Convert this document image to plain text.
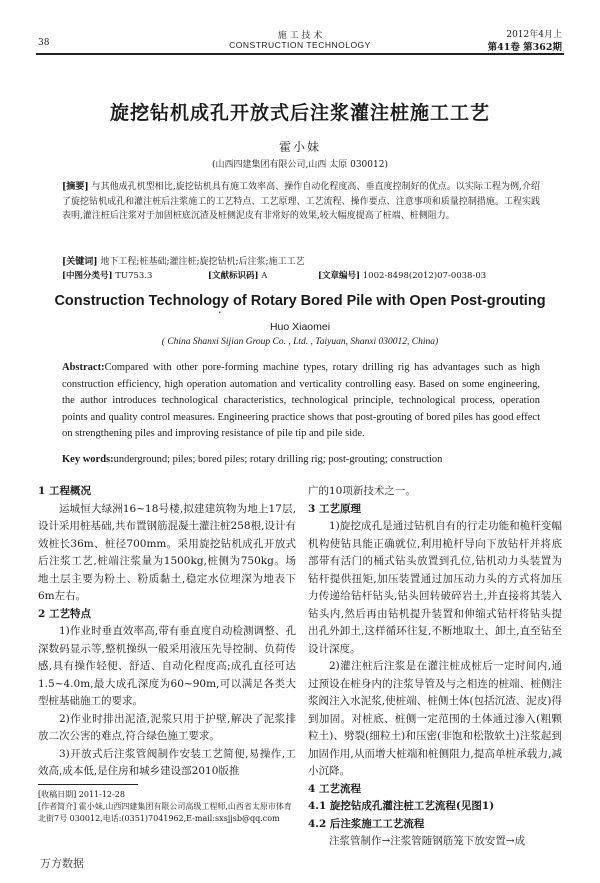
38
施 工 技 术
CONSTRUCTION TECHNOLOGY
2012年4月上
第41卷 第362期
旋挖钻机成孔开放式后注浆灌注桩施工工艺
霍小妹
(山西四建集团有限公司,山西 太原 030012)
[摘要] 与其他成孔机型相比,旋挖钻机具有施工效率高、操作自动化程度高、垂直度控制好的优点。以实际工程为例,介绍了旋挖钻机成孔和灌注桩后注浆施工的工艺特点、工艺原理、工艺流程、操作要点、注意事项和质量控制措施。工程实践表明,灌注桩后注浆对于加固桩底沉渣及桩侧泥皮有非常好的效果,较大幅度提高了桩端、桩侧阻力。
[关键词] 地下工程;桩基础;灌注桩;旋挖钻机;后注浆;施工工艺
[中图分类号] TU753.3	[文献标识码] A	[文章编号] 1002-8498(2012)07-0038-03
Construction Technology of Rotary Bored Pile with Open Post-grouting
·
Huo Xiaomei
( China Shanxi Sijian Group Co. , Ltd. , Taiyuan, Shanxi 030012, China)
Abstract:Compared with other pore-forming machine types, rotary drilling rig has advantages such as high construction efficiency, high operation automation and verticality controlling easy. Based on some engineering, the author introduces technological characteristics, technological principle, technological process, operation points and quality control measures. Engineering practice shows that post-grouting of bored piles has good effect on strengthening piles and improving resistance of pile tip and pile side.
Key words:underground; piles; bored piles; rotary drilling rig; post-grouting; construction

1 工程概况

运城恒大绿洲16~18号楼,拟建建筑物为地上17层,设计采用桩基础,共布置钢筋混凝土灌注桩258根,设计有效桩长36m、桩径700mm。采用旋挖钻机成孔开放式后注浆工艺,桩端注浆量为1500kg,桩侧为750kg。场地土层主要为粉土、粉质黏土,稳定水位埋深为地表下6m左右。

2 工艺特点

1)作业时垂直效率高,带有垂直度自动检测调整、孔深数码显示等,整机操纵一般采用液压先导控制、负荷传感,具有操作轻便、舒适、自动化程度高;成孔直径可达1.5~4.0m,最大成孔深度为60~90m,可以满足各类大型桩基础施工的要求。

2)作业时排出泥渣,泥浆只用于护壁,解决了泥浆排放二次公害的难点,符合绿色施工要求。

3)开放式后注浆管阀制作安装工艺简便,易操作,工效高,成本低,是住房和城乡建设部2010版推

广的10项新技术之一。

3 工艺原理

1)旋挖成孔是通过钻机自有的行走功能和桅杆变幅机构使钻具能正确就位,利用桅杆导向下放钻杆并将底部带有活门的桶式钻头放置到孔位,钻机动力头装置为钻杆提供扭矩,加压装置通过加压动力头的方式将加压力传递给钻杆钻头,钻头回转破碎岩土,并直接将其装入钻头内,然后再由钻机提升装置和伸缩式钻杆将钻头提出孔外卸土,这样循环往复,不断地取土、卸土,直至钻至设计深度。

2)灌注桩后注浆是在灌注桩成桩后一定时间内,通过预设在桩身内的注浆导管及与之相连的桩端、桩侧注浆阀注入水泥浆,使桩端、桩侧土体(包括沉渣、泥皮)得到加固。对桩底、桩侧一定范围的土体通过渗入(粗颗粒土)、劈裂(细粒土)和压密(非饱和松散软土)注浆起到加固作用,从而增大桩端和桩侧阻力,提高单桩承载力,减小沉降。

4 工艺流程

4.1 旋挖钻成孔灌注桩工艺流程(见图1)

4.2 后注浆施工工艺流程

注浆管制作→注浆管随钢筋笼下放安置→成

[收稿日期] 2011-12-28
[作者简介] 霍小妹,山西四建集团有限公司高级工程师,山西省太原市体育北街7号 030012,电话:(0351)7041962,E-mail:sxsjjsb@qq.com
万方数据
